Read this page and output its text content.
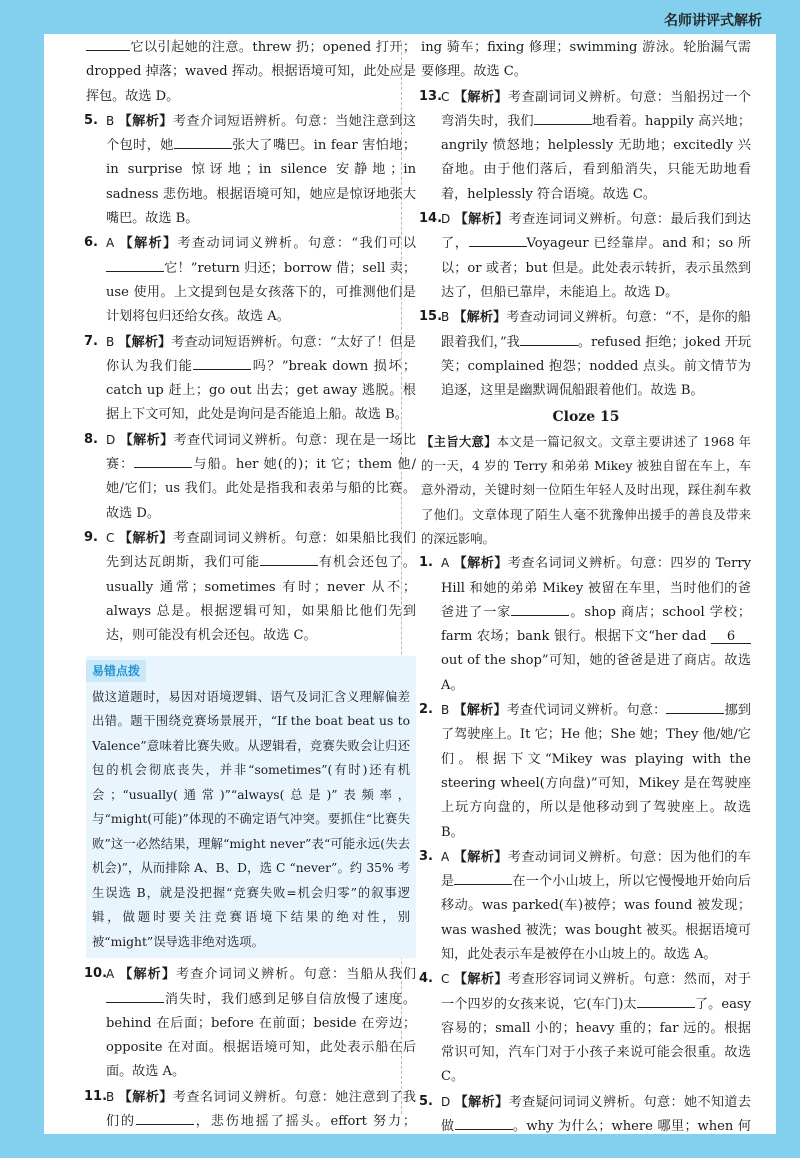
名师讲评式解析
它以引起她的注意。threw 扔；opened 打开；dropped 掉落；waved 挥动。根据语境可知，此处应是挥包。故选 D。
5. B 【解析】考查介词短语辨析。句意：当她注意到这个包时，她	张大了嘴巴。in fear 害怕地；in surprise 惊讶地；in silence 安静地；in sadness 悲伤地。根据语境可知，她应是惊讶地张大嘴巴。故选 B。
6. A 【解析】考查动词词义辨析。句意：“我们可以它！”return 归还；borrow 借；sell 卖；use 使用。上文提到包是女孩落下的，可推测他们是计划将包归还给女孩。故选 A。
7. B 【解析】考查动词短语辨析。句意：“太好了！但是你认为我们能	吗？”break down 损坏；catch up 赶上；go out 出去；get away 逃脱。根据上下文可知，此处是询问是否能追上船。故选 B。
8. D 【解析】考查代词词义辨析。句意：现在是一场比赛：	与船。her 她(的)；it 它；them 他/她/它们；us 我们。此处是指我和表弟与船的比赛。故选 D。
9. C 【解析】考查副词词义辨析。句意：如果船比我们先到达瓦朗斯，我们可能	有机会还包了。usually 通常；sometimes 有时；never 从不；always 总是。根据逻辑可知，如果船比他们先到达，则可能没有机会还包。故选 C。
易错点拨
做这道题时，易因对语境逻辑、语气及词汇含义理解偏差出错。题干围绕竞赛场景展开，“If the boat beat us to Valence”意味着比赛失败。从逻辑看，竞赛失败会让归还包的机会彻底丧失，并非“sometimes”(有时)还有机会；“usually(通常)”“always(总是)”表频率，与“might(可能)”体现的不确定语气冲突。要抓住“比赛失败”这一必然结果，理解“might never”表“可能永远(失去机会)”，从而排除 A、B、D，选 C “never”。约 35% 考生误选 B，就是没把握“竞赛失败=机会归零”的叙事逻辑，做题时要关注竞赛语境下结果的绝对性，别被“might”误导选非绝对选项。
10.
A 【解析】考查介词词义辨析。句意：当船从我们消失时，我们感到足够自信放慢了速度。behind 在后面；before 在前面；beside 在旁边；opposite 在对面。根据语境可知，此处表示船在后面。故选 A。
11.
B 【解析】考查名词词义辨析。句意：她注意到了我们的	，悲伤地摇了摇头。effort 努力；
ing 骑车；fixing 修理；swimming 游泳。轮胎漏气需要修理。故选 C。
13.
C 【解析】考查副词词义辨析。句意：当船拐过一个弯消失时，我们	地看着。happily 高兴地；angrily 愤怒地；helplessly 无助地；excitedly 兴奋地。由于他们落后，看到船消失，只能无助地看着，helplessly 符合语境。故选 C。
14.
D 【解析】考查连词词义辨析。句意：最后我们到达了，	Voyageur 已经靠岸。and 和；so 所以；or 或者；but 但是。此处表示转折，表示虽然到达了，但船已靠岸，未能追上。故选 D。
15.
B 【解析】考查动词词义辨析。句意：“不，是你的船跟着我们，”我	。refused 拒绝；joked 开玩笑；complained 抱怨；nodded 点头。前文情节为追逐，这里是幽默调侃船跟着他们。故选 B。
Cloze 15
【主旨大意】本文是一篇记叙文。文章主要讲述了 1968 年的一天，4 岁的 Terry 和弟弟 Mikey 被独自留在车上，车意外滑动，关键时刻一位陌生年轻人及时出现，踩住刹车救了他们。文章体现了陌生人毫不犹豫伸出援手的善良及带来的深远影响。
1. A 【解析】考查名词词义辨析。句意：四岁的 Terry Hill 和她的弟弟 Mikey 被留在车里，当时他们的爸爸进了一家	。shop 商店；school 学校；farm 农场；bank 银行。根据下文“her dad 6 out of the shop”可知，她的爸爸是进了商店。故选 A。
2. B 【解析】考查代词词义辨析。句意：	挪到了驾驶座上。It 它；He 他；She 她；They 他/她/它们。根据下文“Mikey was playing with the steering wheel(方向盘)”可知，Mikey 是在驾驶座上玩方向盘的，所以是他移动到了驾驶座上。故选 B。
3. A 【解析】考查动词词义辨析。句意：因为他们的车是	在一个小山坡上，所以它慢慢地开始向后移动。was parked(车)被停；was found 被发现；was washed 被洗；was bought 被买。根据语境可知，此处表示车是被停在小山坡上的。故选 A。
4. C 【解析】考查形容词词义辨析。句意：然而，对于一个四岁的女孩来说，它(车门)太	了。easy 容易的；small 小的；heavy 重的；far 远的。根据常识可知，汽车门对于小孩子来说可能会很重。故选 C。
5. D 【解析】考查疑问词词义辨析。句意：她不知道去做	。why 为什么；where 哪里；when 何
